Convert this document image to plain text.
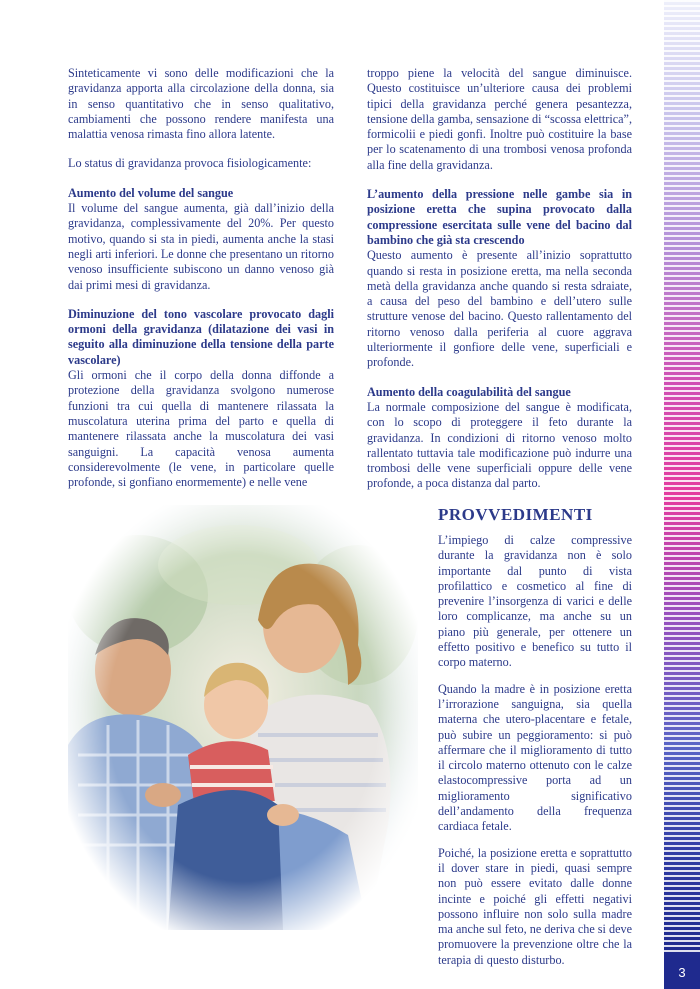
3

Sinteticamente vi sono delle modificazioni che la gravidanza apporta alla circolazione della donna, sia in senso quantitativo che in senso qualitativo, cambiamenti che possono rendere manifesta una malattia venosa rimasta fino allora latente.

Lo status di gravidanza provoca fisiologicamente:

Aumento del volume del sangue

Il volume del sangue aumenta, già dall’inizio della gravidanza, complessivamente del 20%. Per questo motivo, quando si sta in piedi, aumenta anche la stasi negli arti inferiori. Le donne che presentano un ritorno venoso insufficiente subiscono un danno venoso già dai primi mesi di gravidanza.

Diminuzione del tono vascolare provocato dagli ormoni della gravidanza (dilatazione dei vasi in seguito alla diminuzione della tensione della parte vascolare)

Gli ormoni che il corpo della donna diffonde a protezione della gravidanza svolgono numerose funzioni tra cui quella di mantenere rilassata la muscolatura uterina prima del parto e quella di mantenere rilassata anche la muscolatura dei vasi sanguigni. La capacità venosa aumenta considerevolmente (le vene, in particolare quelle profonde, si gonfiano enormemente) e nelle vene

troppo piene la velocità del sangue diminuisce. Questo costituisce un’ulteriore causa dei problemi tipici della gravidanza perché genera pesantezza, tensione della gamba, sensazione di “scossa elettrica”, formicolii e piedi gonfi. Inoltre può costituire la base per lo scatenamento di una trombosi venosa profonda alla fine della gravidanza.

L’aumento della pressione nelle gambe sia in posizione eretta che supina provocato dalla compressione esercitata sulle vene del bacino dal bambino che già sta crescendo

Questo aumento è presente all’inizio soprattutto quando si resta in posizione eretta, ma nella seconda metà della gravidanza anche quando si resta sdraiate, a causa del peso del bambino e dell’utero sulle strutture venose del bacino. Questo rallentamento del ritorno venoso dalla periferia al cuore aggrava ulteriormente il gonfiore delle vene, superficiali e profonde.

Aumento della coagulabilità del sangue

La normale composizione del sangue è modificata, con lo scopo di proteggere il feto durante la gravidanza. In condizioni di ritorno venoso molto rallentato tuttavia tale modificazione può indurre una trombosi delle vene superficiali oppure delle vene profonde, a poca distanza dal parto.

PROVVEDIMENTI

L’impiego di calze compressive durante la gravidanza non è solo importante dal punto di vista profilattico e cosmetico al fine di prevenire l’insorgenza di varici e delle loro complicanze, ma anche su un piano più generale, per ottenere un effetto positivo e benefico su tutto il corpo materno.

Quando la madre è in posizione eretta l’irrorazione sanguigna, sia quella materna che utero-placentare e fetale, può subire un peggioramento: si può affermare che il miglioramento di tutto il circolo materno ottenuto con le calze elastocompressive porta ad un miglioramento significativo dell’andamento della frequenza cardiaca fetale.

Poiché, la posizione eretta e soprattutto il dover stare in piedi, quasi sempre non può essere evitato dalle donne incinte e poiché gli effetti negativi possono influire non solo sulla madre ma anche sul feto, ne deriva che si deve promuovere la prevenzione oltre che la terapia di questo disturbo.
